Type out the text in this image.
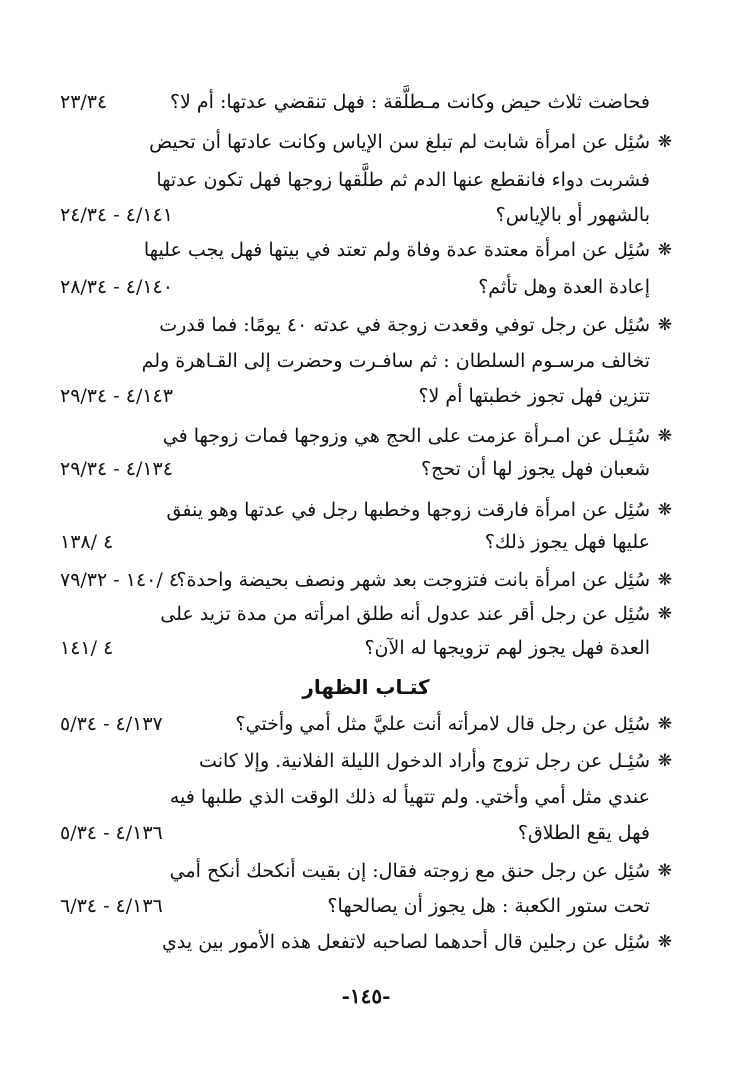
فحاضت ثلاث حيض وكانت مـطلَّقة : فهل تنقضي عدتها: أم لا؟
٢٣/٣٤
❋
سُئِل عن امرأة شابت لم تبلغ سن الإياس وكانت عادتها أن تحيض
فشربت دواء فانقطع عنها الدم ثم طلَّقها زوجها فهل تكون عدتها
بالشهور أو بالإياس؟
٤/١٤١ - ٢٤/٣٤
❋
سُئِل عن امرأة معتدة عدة وفاة ولم تعتد في بيتها فهل يجب عليها
إعادة العدة وهل تأثم؟
٤/١٤٠ - ٢٨/٣٤
❋
سُئِل عن رجل توفي وقعدت زوجة في عدته ٤٠ يومًا: فما قدرت
تخالف مرسـوم السلطان : ثم سافـرت وحضرت إلى القـاهرة ولم
تتزين فهل تجوز خطبتها أم لا؟
٤/١٤٣ - ٢٩/٣٤
❋
سُئِـل عن امـرأة عزمت على الحج هي وزوجها فمات زوجها في
شعبان فهل يجوز لها أن تحج؟
٤/١٣٤ - ٢٩/٣٤
❋
سُئِل عن امرأة فارقت زوجها وخطبها رجل في عدتها وهو ينفق
عليها فهل يجوز ذلك؟
٤ /١٣٨
❋
سُئِل عن امرأة بانت فتزوجت بعد شهر ونصف بحيضة واحدة؟
٤ /١٤٠ - ٧٩/٣٢
❋
سُئِل عن رجل أقر عند عدول أنه طلق امرأته من مدة تزيد على
العدة فهل يجوز لهم تزويجها له الآن؟
٤ /١٤١
كتـاب الظهار
❋
سُئِل عن رجل قال لامرأته أنت عليَّ مثل أمي وأختي؟
٤/١٣٧ - ٥/٣٤
❋
سُئِـل عن رجل تزوج وأراد الدخول الليلة الفلانية. وإلا كانت
عندي مثل أمي وأختي. ولم تتهيأ له ذلك الوقت الذي طلبها فيه
فهل يقع الطلاق؟
٤/١٣٦ - ٥/٣٤
❋
سُئِل عن رجل حنق مع زوجته فقال: إن بقيت أنكحك أنكح أمي
تحت ستور الكعبة : هل يجوز أن يصالحها؟
٤/١٣٦ - ٦/٣٤
❋
سُئِل عن رجلين قال أحدهما لصاحبه لاتفعل هذه الأمور بين يدي
-١٤٥-
